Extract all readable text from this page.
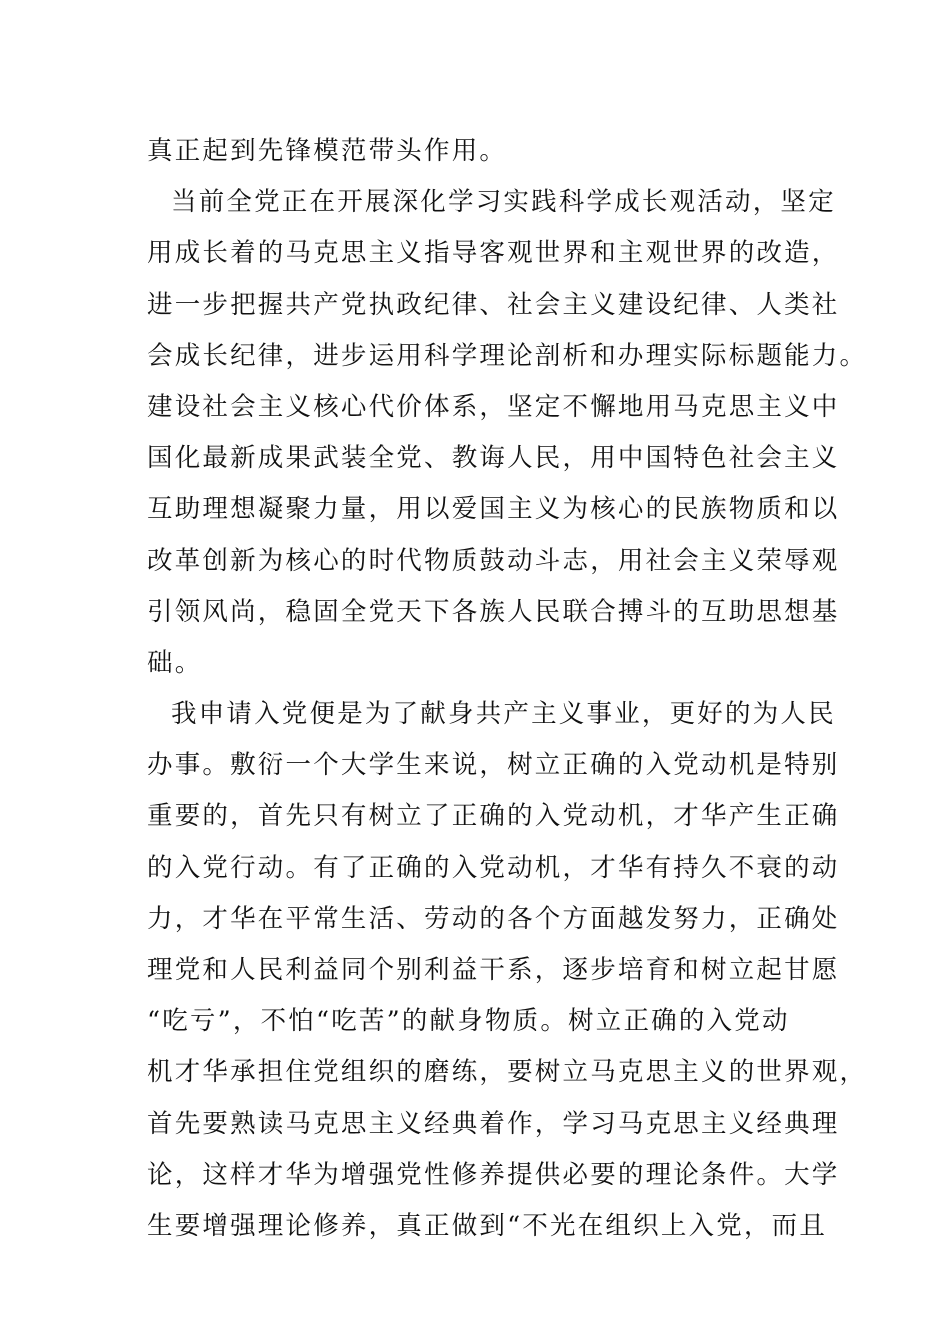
真正起到先锋模范带头作用。
当前全党正在开展深化学习实践科学成长观活动，坚定
用成长着的马克思主义指导客观世界和主观世界的改造，
进一步把握共产党执政纪律、社会主义建设纪律、人类社
会成长纪律，进步运用科学理论剖析和办理实际标题能力。
建设社会主义核心代价体系，坚定不懈地用马克思主义中
国化最新成果武装全党、教诲人民，用中国特色社会主义
互助理想凝聚力量，用以爱国主义为核心的民族物质和以
改革创新为核心的时代物质鼓动斗志，用社会主义荣辱观
引领风尚，稳固全党天下各族人民联合搏斗的互助思想基
础。
我申请入党便是为了献身共产主义事业，更好的为人民
办事。敷衍一个大学生来说，树立正确的入党动机是特别
重要的，首先只有树立了正确的入党动机，才华产生正确
的入党行动。有了正确的入党动机，才华有持久不衰的动
力，才华在平常生活、劳动的各个方面越发努力，正确处
理党和人民利益同个别利益干系，逐步培育和树立起甘愿
“吃亏”，不怕“吃苦”的献身物质。树立正确的入党动
机才华承担住党组织的磨练，要树立马克思主义的世界观，
首先要熟读马克思主义经典着作，学习马克思主义经典理
论，这样才华为增强党性修养提供必要的理论条件。大学
生要增强理论修养，真正做到“不光在组织上入党，而且
